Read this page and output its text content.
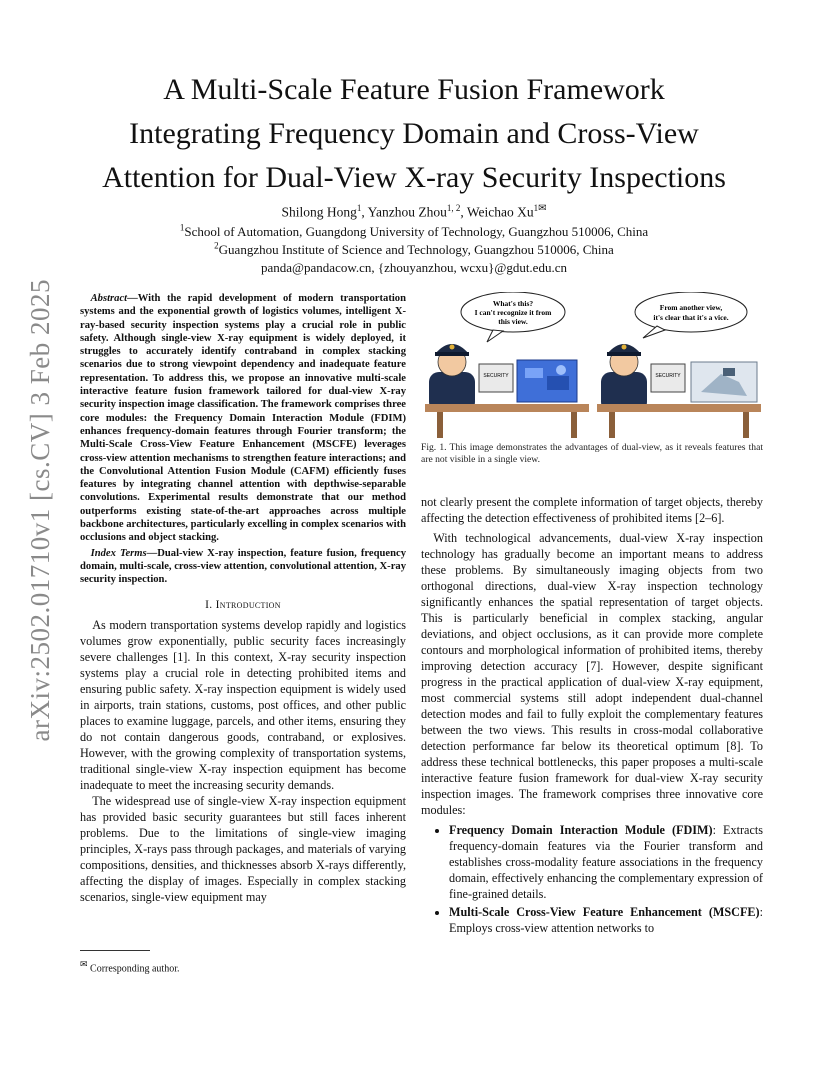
arXiv:2502.01710v1 [cs.CV] 3 Feb 2025
A Multi-Scale Feature Fusion Framework
Integrating Frequency Domain and Cross-View
Attention for Dual-View X-ray Security Inspections
Shilong Hong$^1$, Yanzhou Zhou$^{1, 2}$, Weichao $Xu^{1✉}$
$^1$School of Automation, Guangdong University of Technology, Guangzhou 510006, China
$^2$Guangzhou Institute of Science and Technology, Guangzhou 510006, China
panda@pandacow.cn, {zhouyanzhou, wcxu}@gdut.edu.cn

Abstract—With the rapid development of modern transportation systems and the exponential growth of logistics volumes, intelligent X-ray-based security inspection systems play a crucial role in public safety. Although single-view X-ray equipment is widely deployed, it struggles to accurately identify contraband in complex stacking scenarios due to strong viewpoint dependency and inadequate feature representation. To address this, we propose an innovative multi-scale interactive feature fusion framework tailored for dual-view X-ray security inspection image classification. The framework comprises three core modules: the Frequency Domain Interaction Module (FDIM) enhances frequency-domain features through Fourier transform; the Multi-Scale Cross-View Feature Enhancement (MSCFE) leverages cross-view attention mechanisms to strengthen feature interactions; and the Convolutional Attention Fusion Module (CAFM) efficiently fuses features by integrating channel attention with depthwise-separable convolutions. Experimental results demonstrate that our method outperforms existing state-of-the-art approaches across multiple backbone architectures, particularly excelling in complex scenarios with occlusions and object stacking.

Index Terms—Dual-view X-ray inspection, feature fusion, frequency domain, multi-scale, cross-view attention, convolutional attention, X-ray security inspection.

I. Introduction

As modern transportation systems develop rapidly and logistics volumes grow exponentially, public security faces increasingly severe challenges [1]. In this context, X-ray security inspection systems play a crucial role in detecting prohibited items and ensuring public safety. X-ray inspection equipment is widely used in airports, train stations, customs, post offices, and other public places to examine luggage, parcels, and other items, ensuring they do not contain dangerous goods, contraband, or explosives. However, with the growing complexity of transportation systems, traditional single-view X-ray inspection equipment has become inadequate to meet the increasing security demands.

The widespread use of single-view X-ray inspection equipment has provided basic security guarantees but still faces inherent problems. Due to the limitations of single-view imaging principles, X-rays pass through packages, and materials of varying compositions, densities, and thicknesses absorb X-rays differently, affecting the display of images. Especially in complex stacking scenarios, single-view equipment may

✉ Corresponding author.
What's this?
I can't recognize it from
this view.
SECURITY
From another view,
it's clear that it's a vice.
SECURITY

Fig. 1. This image demonstrates the advantages of dual-view, as it reveals features that are not visible in a single view.

not clearly present the complete information of target objects, thereby affecting the detection effectiveness of prohibited items [2–6].

With technological advancements, dual-view X-ray inspection technology has gradually become an important means to address these problems. By simultaneously imaging objects from two orthogonal directions, dual-view X-ray inspection technology significantly enhances the spatial representation of target objects. This is particularly beneficial in complex stacking, angular deviations, and object occlusions, as it can provide more complete contours and morphological information of prohibited items, thereby improving detection accuracy [7]. However, despite significant progress in the practical application of dual-view X-ray equipment, most commercial systems still adopt independent dual-channel detection modes and fail to fully exploit the complementary features between the two views. This results in cross-modal collaborative detection performance far below its theoretical optimum [8]. To address these technical bottlenecks, this paper proposes a multi-scale interactive feature fusion framework for dual-view X-ray security inspection images. The framework comprises three innovative core modules:

• Frequency Domain Interaction Module (FDIM): Extracts frequency-domain features via the Fourier transform and establishes cross-modality feature associations in the frequency domain, effectively enhancing the complementary expression of fine-grained details.
• Multi-Scale Cross-View Feature Enhancement (MSCFE): Employs cross-view attention networks to
